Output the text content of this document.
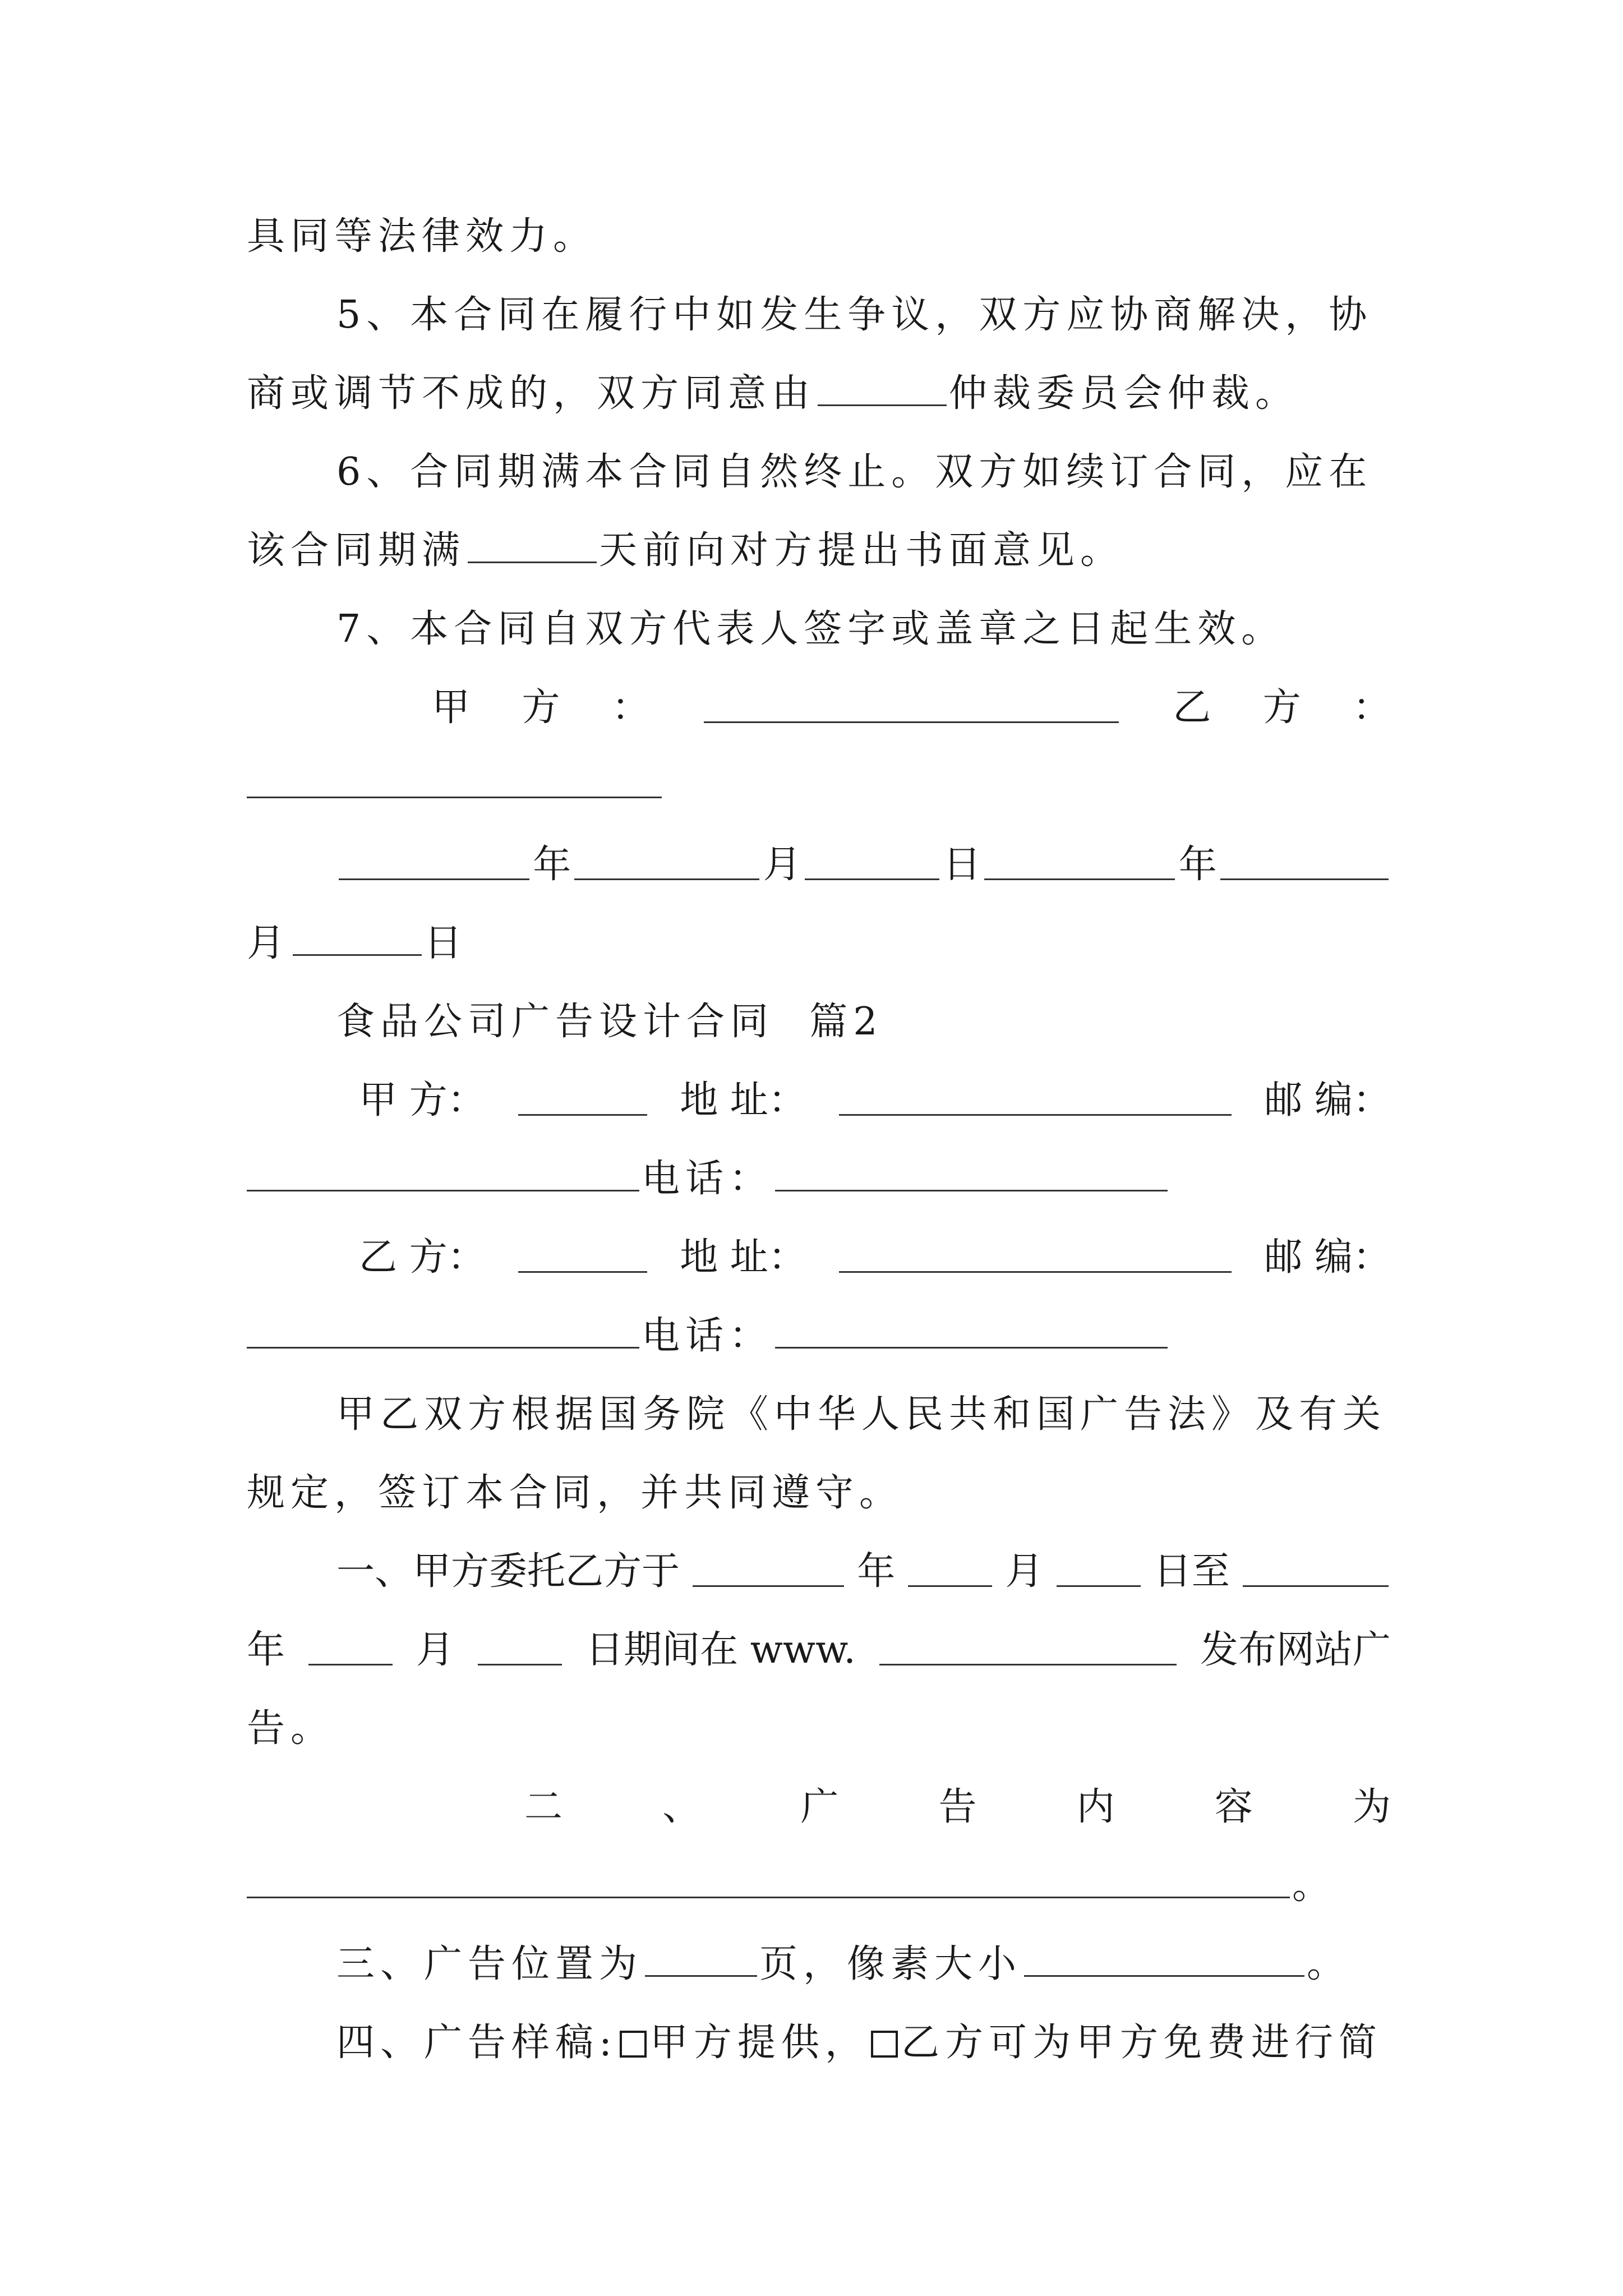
具同等法律效力。
5、本合同在履行中如发生争议，双方应协商解决，协
商或调节不成的，双方同意由	仲裁委员会仲裁。
6、合同期满本合同自然终止。双方如续订合同，应在
该合同期满	天前向对方提出书面意见。
7、本合同自双方代表人签字或盖章之日起生效。
甲 方 ：	乙 方 ：
年	月	日	年
月	日
食品公司广告设计合同  篇2
甲 方：	地 址：	邮 编：
电话：
乙 方：	地 址：	邮 编：
电话：
甲乙双方根据国务院《中华人民共和国广告法》及有关
规定，签订本合同，并共同遵守。
一、甲方委托乙方于	年	月	日至
年	月	日期间在 www.	发布网站广
告。
二	、	广	告	内	容	为
。
三、广告位置为	页，像素大小	。
四、广告样稿: 甲方提供， 乙方可为甲方免费进行简
